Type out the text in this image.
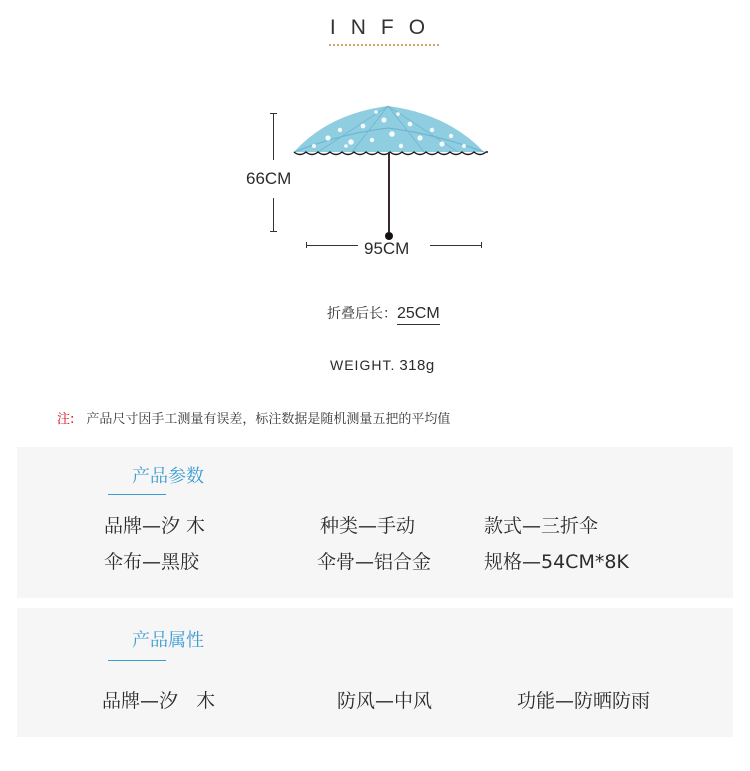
INFO
66CM
95CM
折叠后长：25CM
WEIGHT. 318g
注: 产品尺寸因手工测量有误差，标注数据是随机测量五把的平均值
产品参数
品牌—汐 木	种类—手动	款式—三折伞
伞布—黑胶	伞骨—铝合金	规格—54CM*8K
产品属性
品牌—汐   木	防风—中风	功能—防晒防雨
